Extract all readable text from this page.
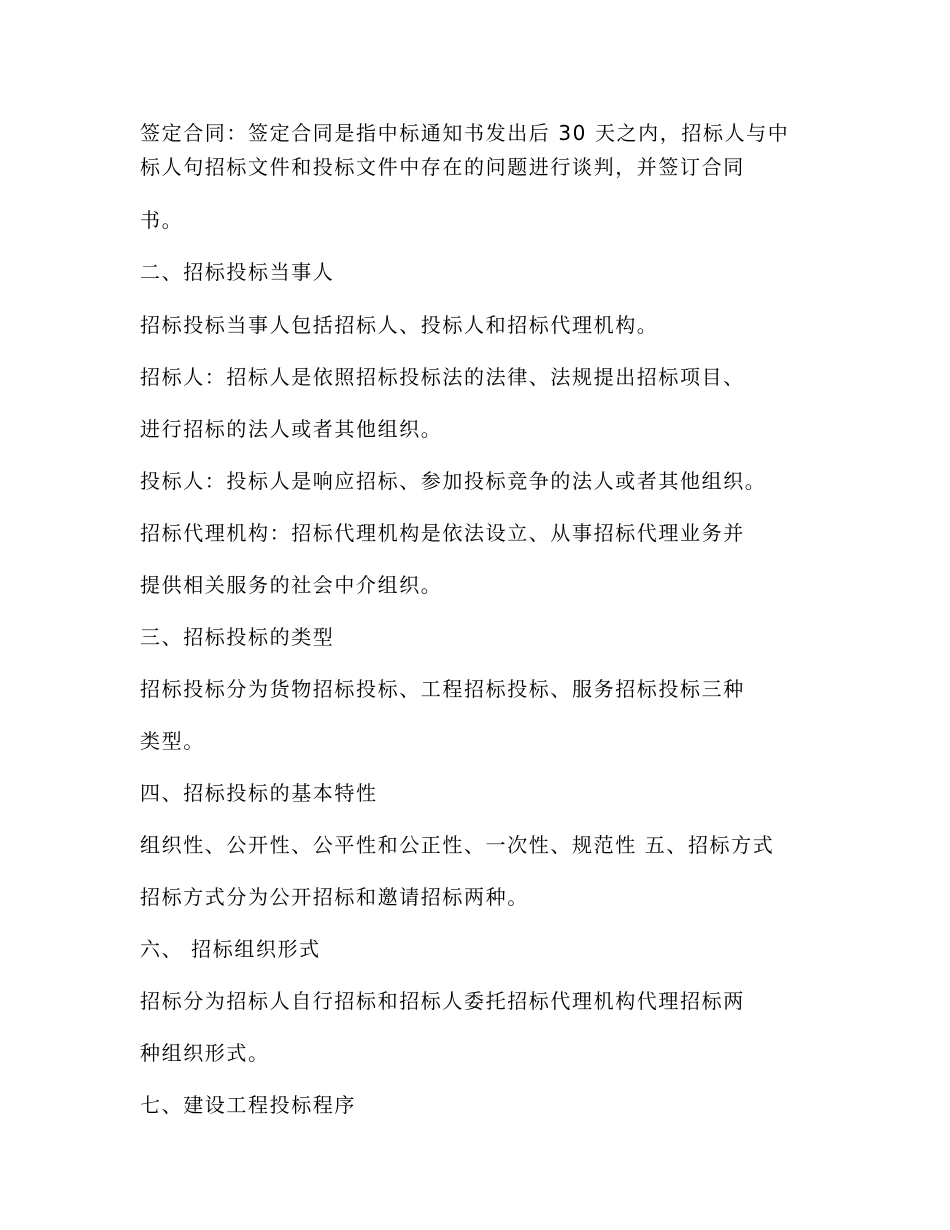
签定合同：签定合同是指中标通知书发出后 30 天之内，招标人与中

标人句招标文件和投标文件中存在的问题进行谈判，并签订合同

书。

二、招标投标当事人

招标投标当事人包括招标人、投标人和招标代理机构。

招标人：招标人是依照招标投标法的法律、法规提出招标项目、

进行招标的法人或者其他组织。

投标人：投标人是响应招标、参加投标竞争的法人或者其他组织。

招标代理机构：招标代理机构是依法设立、从事招标代理业务并

提供相关服务的社会中介组织。

三、招标投标的类型

招标投标分为货物招标投标、工程招标投标、服务招标投标三种

类型。

四、招标投标的基本特性

组织性、公开性、公平性和公正性、一次性、规范性 五、招标方式

招标方式分为公开招标和邀请招标两种。

六、 招标组织形式

招标分为招标人自行招标和招标人委托招标代理机构代理招标两

种组织形式。

七、建设工程投标程序
